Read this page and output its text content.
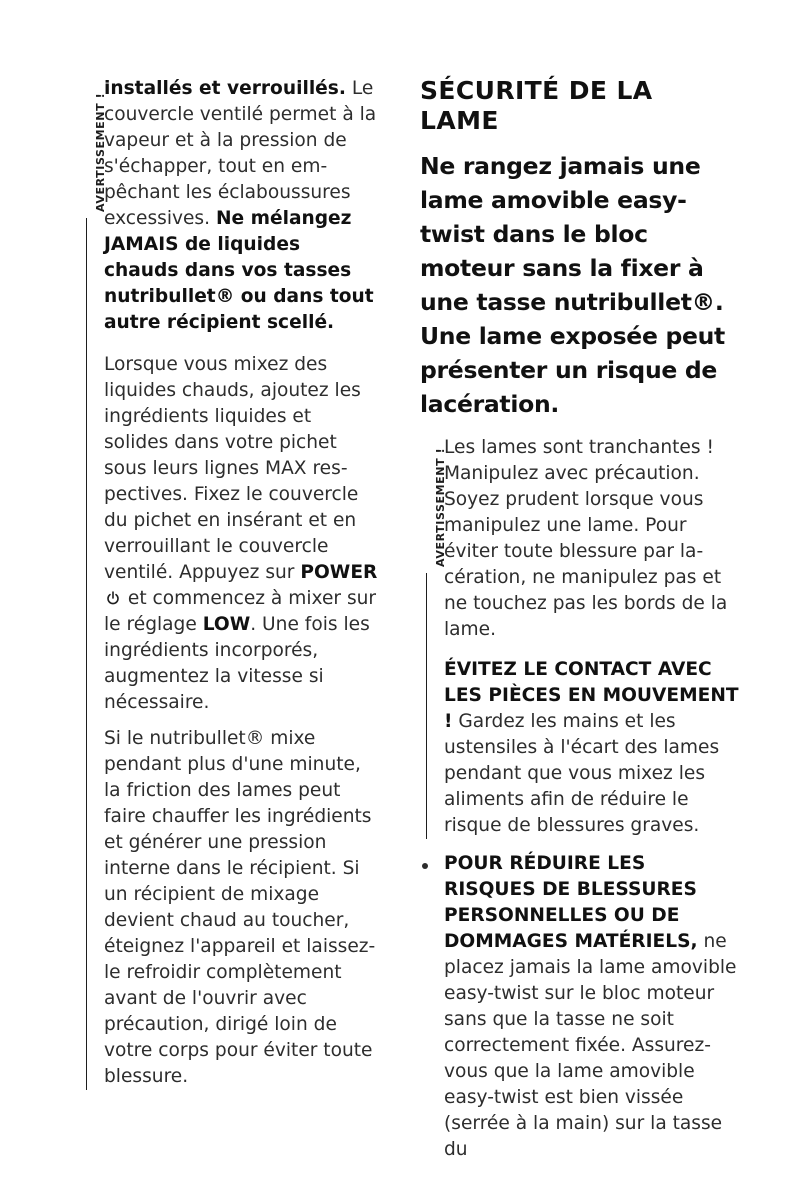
AVERTISSEMENT !

installés et verrouillés. Le couvercle ventilé permet à la vapeur et à la pression de s'échapper, tout en empêchant les éclaboussures excessives. Ne mélangez JAMAIS de liquides chauds dans vos tasses nutribullet® ou dans tout autre récipient scellé.

Lorsque vous mixez des liquides chauds, ajoutez les ingrédients liquides et solides dans votre pichet sous leurs lignes MAX respectives. Fixez le couvercle du pichet en insérant et en verrouillant le couvercle ventilé. Appuyez sur POWER et commencez à mixer sur le réglage LOW. Une fois les ingrédients incorporés, augmentez la vitesse si nécessaire.

Si le nutribullet® mixe pendant plus d'une minute, la friction des lames peut faire chauffer les ingrédients et générer une pression interne dans le récipient. Si un récipient de mixage devient chaud au toucher, éteignez l'appareil et laissez-le refroidir complètement avant de l'ouvrir avec précaution, dirigé loin de votre corps pour éviter toute blessure.

SÉCURITÉ DE LA LAME
Ne rangez jamais une lame amovible easy-twist dans le bloc moteur sans la fixer à une tasse nutribullet®. Une lame exposée peut présenter un risque de lacération.
AVERTISSEMENT !

Les lames sont tranchantes ! Manipulez avec précaution. Soyez prudent lorsque vous manipulez une lame. Pour éviter toute blessure par lacération, ne manipulez pas et ne touchez pas les bords de la lame.

ÉVITEZ LE CONTACT AVEC LES PIÈCES EN MOUVEMENT ! Gardez les mains et les ustensiles à l'écart des lames pendant que vous mixez les aliments afin de réduire le risque de blessures graves.

POUR RÉDUIRE LES RISQUES DE BLESSURES PERSONNELLES OU DE DOMMAGES MATÉRIELS, ne placez jamais la lame amovible easy-twist sur le bloc moteur sans que la tasse ne soit correctement fixée. Assurez-vous que la lame amovible easy-twist est bien vissée (serrée à la main) sur la tasse du
